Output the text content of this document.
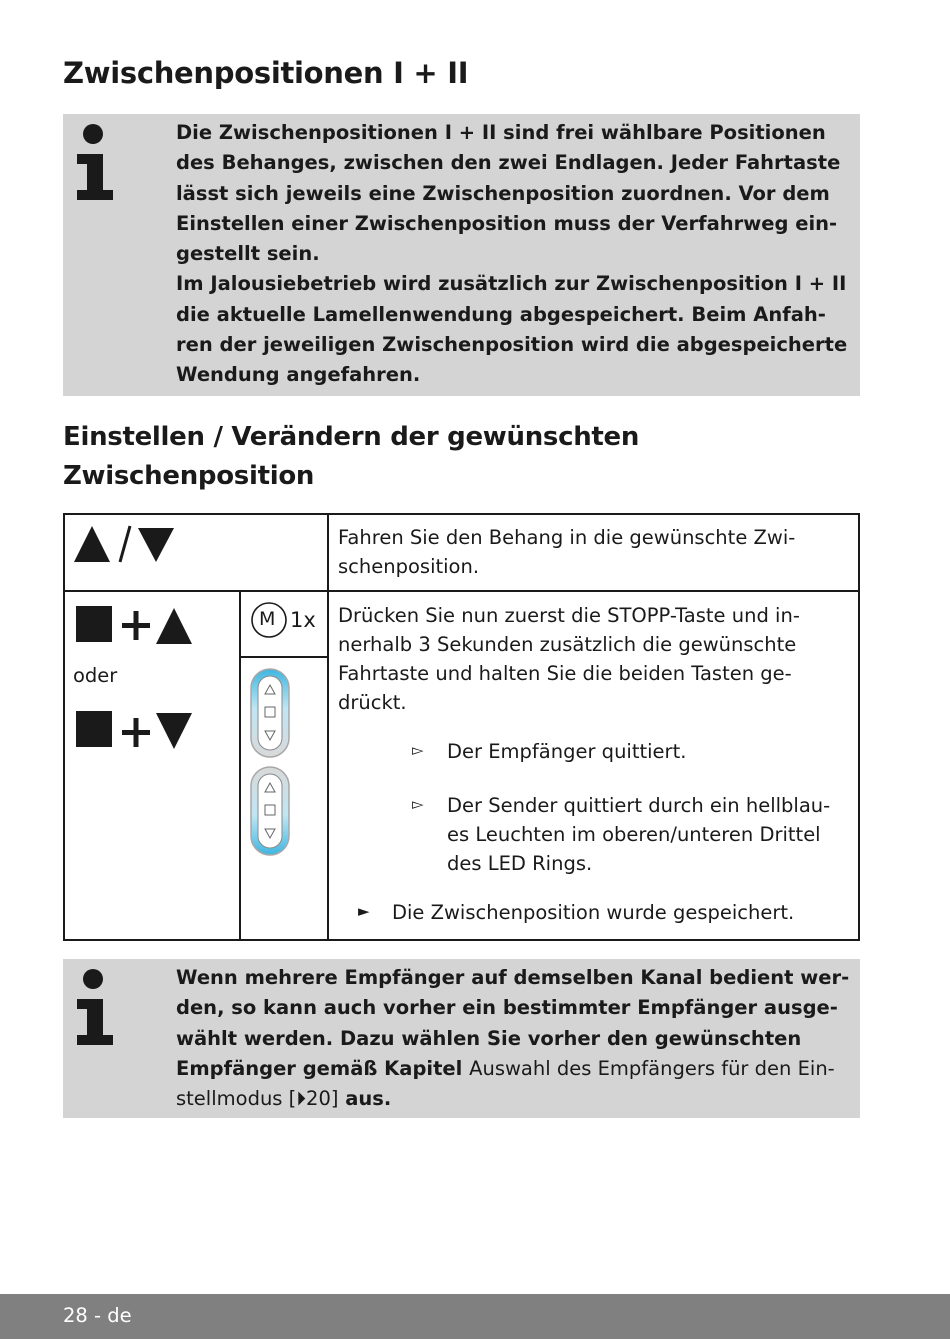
Zwischenpositionen I + II
Die Zwischenpositionen I + II sind frei wählbare Positionen
des Behanges, zwischen den zwei Endlagen. Jeder Fahrtaste
lässt sich jeweils eine Zwischenposition zuordnen. Vor dem
Einstellen einer Zwischenposition muss der Verfahrweg ein-
gestellt sein.
Im Jalousiebetrieb wird zusätzlich zur Zwischenposition I + II
die aktuelle Lamellenwendung abgespeichert. Beim Anfah-
ren der jeweiligen Zwischenposition wird die abgespeicherte
Wendung angefahren.
Einstellen / Verändern der gewünschten
Zwischenposition
Fahren Sie den Behang in die gewünschte Zwi-
schenposition.
oder
M 1x Drücken Sie nun zuerst die STOPP-Taste und in-
nerhalb 3 Sekunden zusätzlich die gewünschte
Fahrtaste und halten Sie die beiden Tasten ge-
drückt.
▻ Der Empfänger quittiert.
▻ Der Sender quittiert durch ein hellblau-
es Leuchten im oberen/unteren Drittel
des LED Rings.
► Die Zwischenposition wurde gespeichert.
Wenn mehrere Empfänger auf demselben Kanal bedient wer-
den, so kann auch vorher ein bestimmter Empfänger ausge-
wählt werden. Dazu wählen Sie vorher den gewünschten
Empfänger gemäß Kapitel Auswahl des Empfängers für den Ein-
stellmodus [⏵20] aus.
28 - de
